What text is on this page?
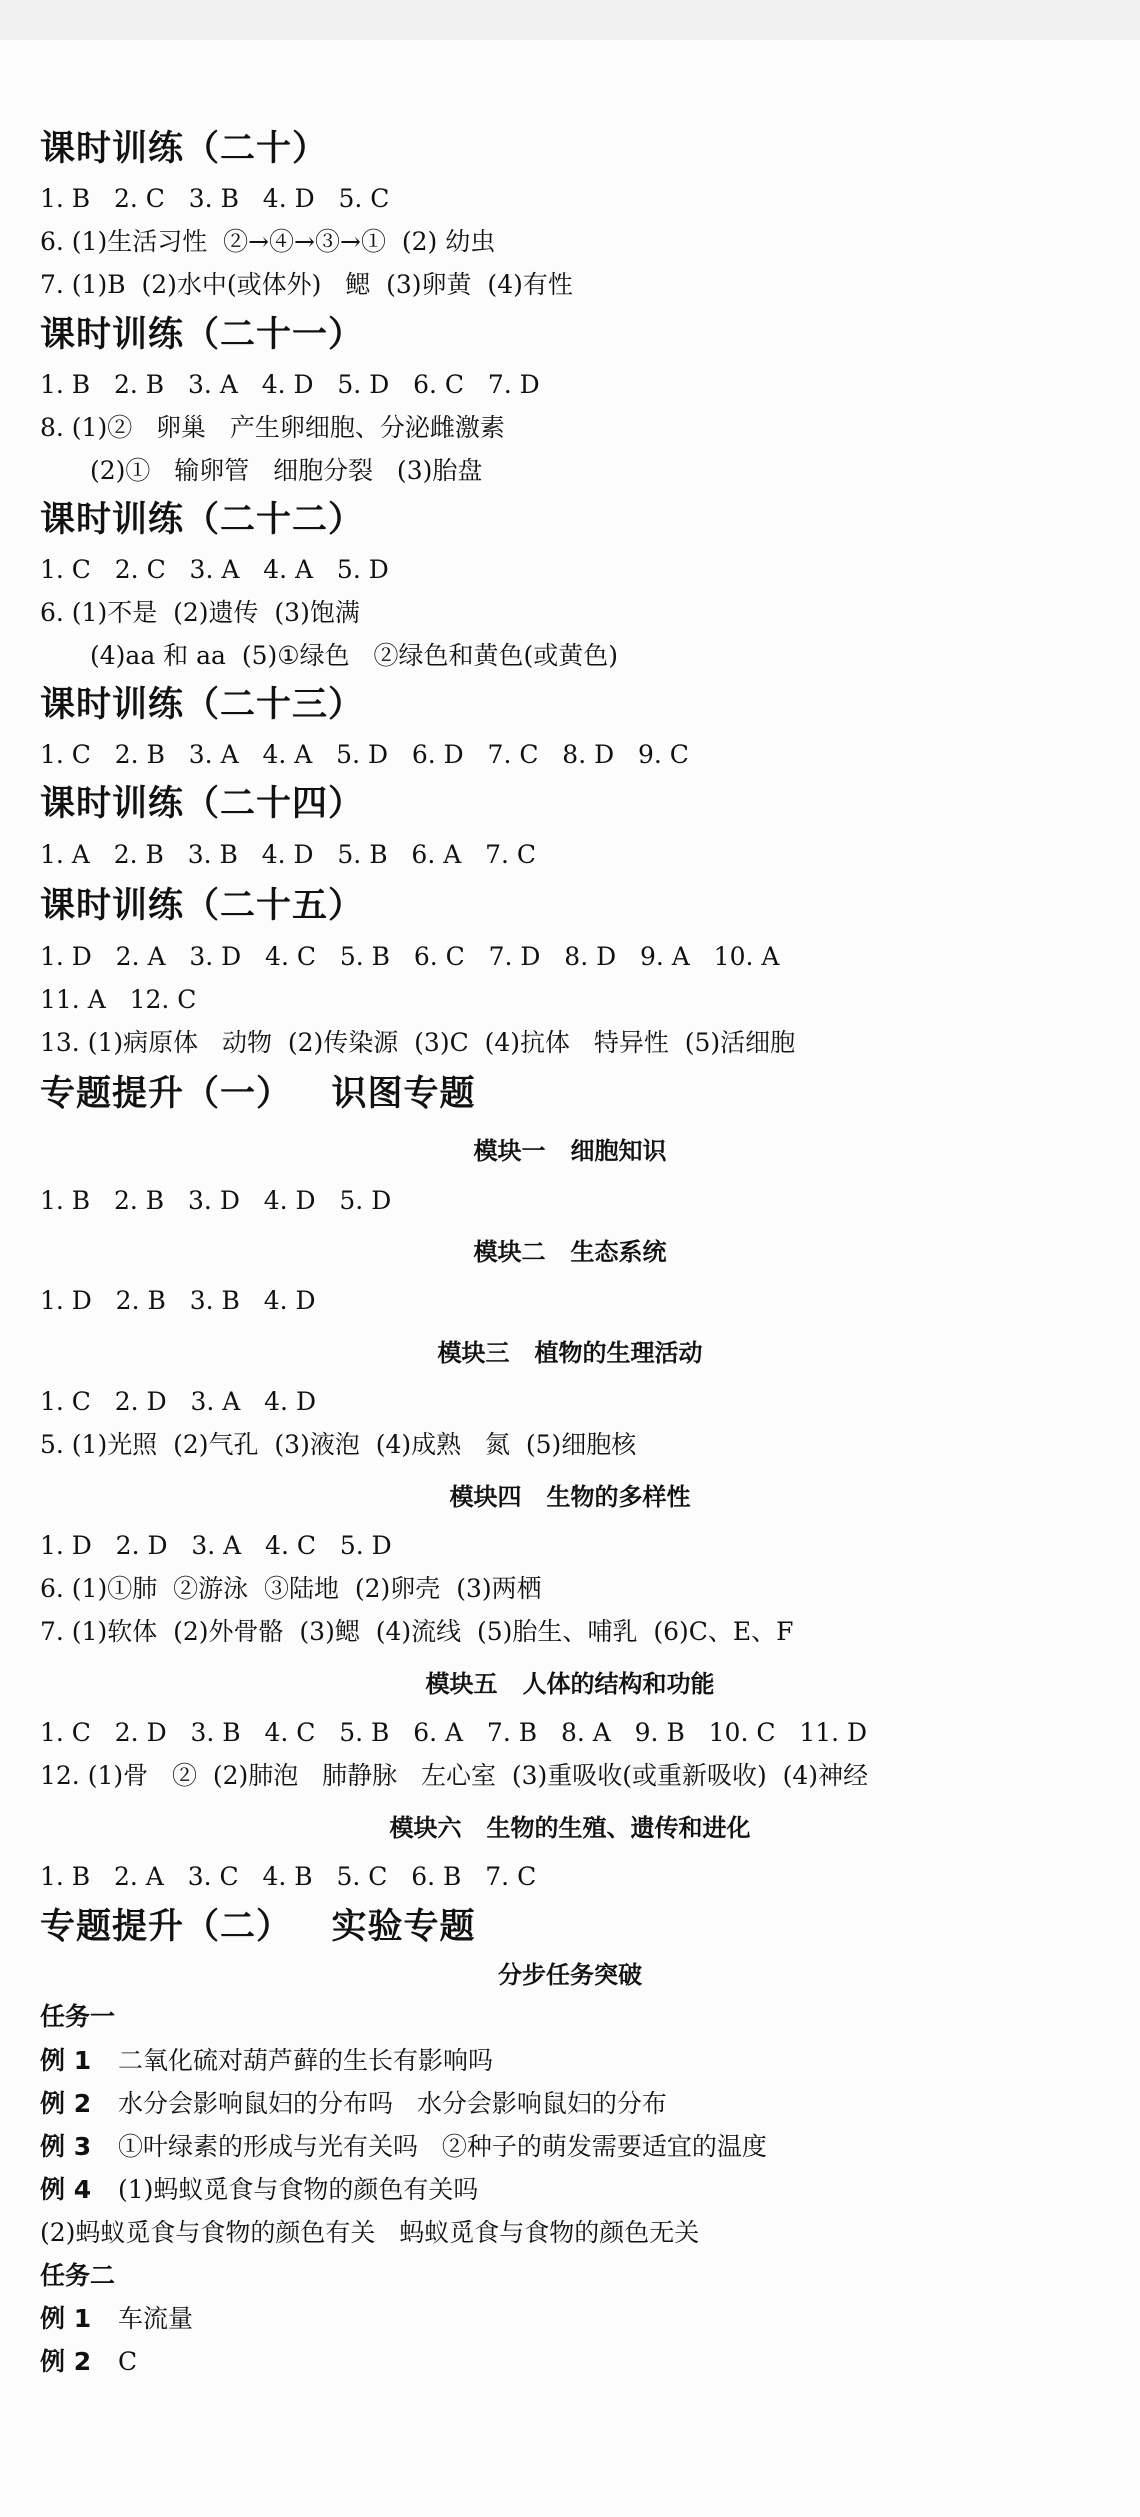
课时训练（二十）
1. B   2. C   3. B   4. D   5. C
6. (1)生活习性  ②→④→③→①  (2) 幼虫
7. (1)B  (2)水中(或体外)   鳃  (3)卵黄  (4)有性
课时训练（二十一）
1. B   2. B   3. A   4. D   5. D   6. C   7. D
8. (1)②   卵巢   产生卵细胞、分泌雌激素
(2)①   输卵管   细胞分裂   (3)胎盘
课时训练（二十二）
1. C   2. C   3. A   4. A   5. D
6. (1)不是  (2)遗传  (3)饱满
(4)aa 和 aa  (5)①绿色   ②绿色和黄色(或黄色)
课时训练（二十三）
1. C   2. B   3. A   4. A   5. D   6. D   7. C   8. D   9. C
课时训练（二十四）
1. A   2. B   3. B   4. D   5. B   6. A   7. C
课时训练（二十五）
1. D   2. A   3. D   4. C   5. B   6. C   7. D   8. D   9. A   10. A
11. A   12. C
13. (1)病原体   动物  (2)传染源  (3)C  (4)抗体   特异性  (5)活细胞
专题提升（一）   识图专题
模块一   细胞知识
1. B   2. B   3. D   4. D   5. D
模块二   生态系统
1. D   2. B   3. B   4. D
模块三   植物的生理活动
1. C   2. D   3. A   4. D
5. (1)光照  (2)气孔  (3)液泡  (4)成熟   氮  (5)细胞核
模块四   生物的多样性
1. D   2. D   3. A   4. C   5. D
6. (1)①肺  ②游泳  ③陆地  (2)卵壳  (3)两栖
7. (1)软体  (2)外骨骼  (3)鳃  (4)流线  (5)胎生、哺乳  (6)C、E、F
模块五   人体的结构和功能
1. C   2. D   3. B   4. C   5. B   6. A   7. B   8. A   9. B   10. C   11. D
12. (1)骨   ②  (2)肺泡   肺静脉   左心室  (3)重吸收(或重新吸收)  (4)神经
模块六   生物的生殖、遗传和进化
1. B   2. A   3. C   4. B   5. C   6. B   7. C
专题提升（二）   实验专题
分步任务突破
任务一
例 1	二氧化硫对葫芦藓的生长有影响吗
例 2	水分会影响鼠妇的分布吗   水分会影响鼠妇的分布
例 3	①叶绿素的形成与光有关吗   ②种子的萌发需要适宜的温度
例 4	(1)蚂蚁觅食与食物的颜色有关吗
(2)蚂蚁觅食与食物的颜色有关   蚂蚁觅食与食物的颜色无关
任务二
例 1	车流量
例 2	C
